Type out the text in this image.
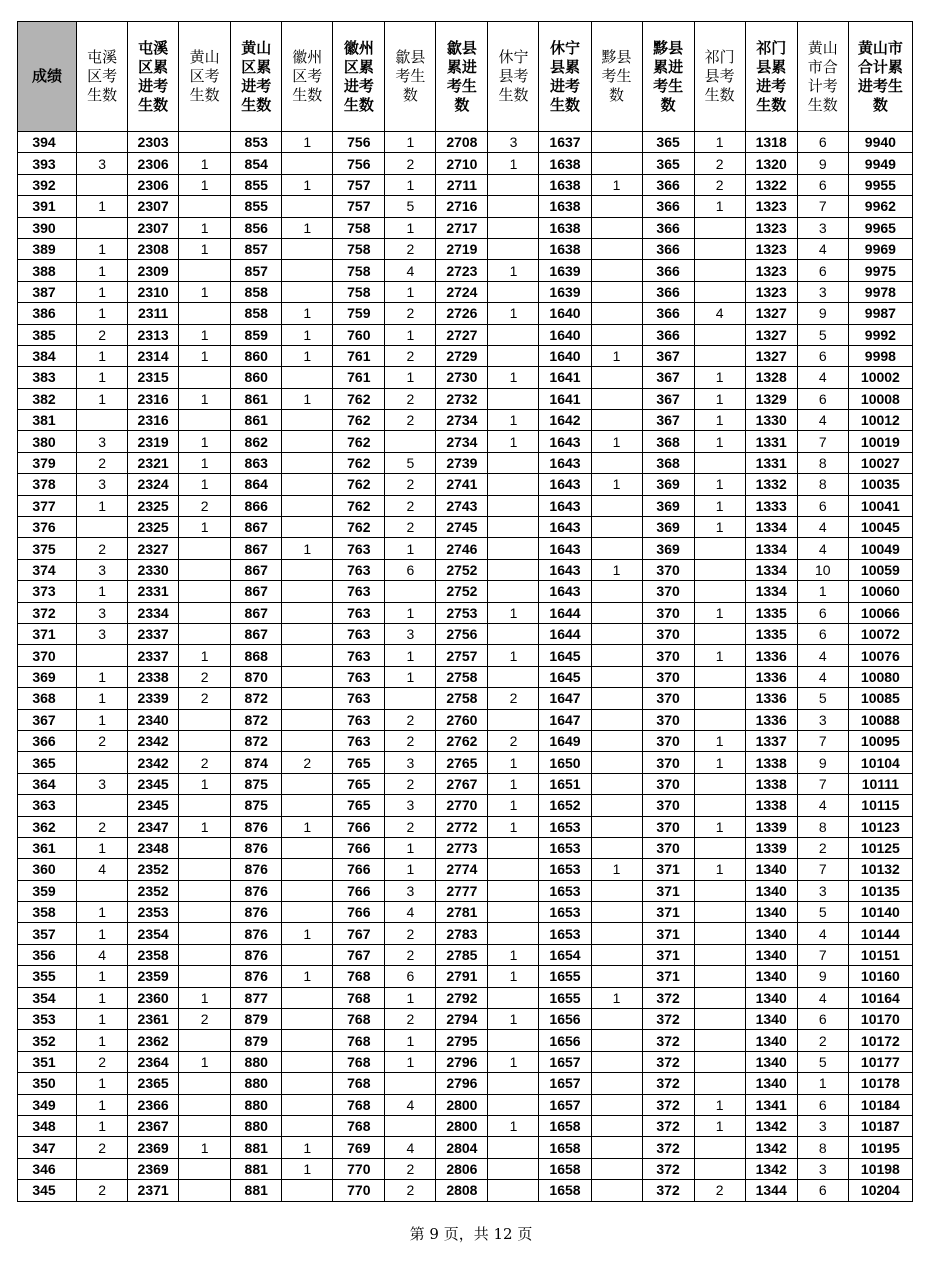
成绩	屯溪
区考
生数	屯溪
区累
进考
生数	黄山
区考
生数	黄山
区累
进考
生数	徽州
区考
生数	徽州
区累
进考
生数	歙县
考生
数	歙县
累进
考生
数	休宁
县考
生数	休宁
县累
进考
生数	黟县
考生
数	黟县
累进
考生
数	祁门
县考
生数	祁门
县累
进考
生数	黄山
市合
计考
生数	黄山市
合计累
进考生
数

394		2303		853	1	756	1	2708	3	1637		365	1	1318	6	9940
393	3	2306	1	854		756	2	2710	1	1638		365	2	1320	9	9949
392		2306	1	855	1	757	1	2711		1638	1	366	2	1322	6	9955
391	1	2307		855		757	5	2716		1638		366	1	1323	7	9962
390		2307	1	856	1	758	1	2717		1638		366		1323	3	9965
389	1	2308	1	857		758	2	2719		1638		366		1323	4	9969
388	1	2309		857		758	4	2723	1	1639		366		1323	6	9975
387	1	2310	1	858		758	1	2724		1639		366		1323	3	9978
386	1	2311		858	1	759	2	2726	1	1640		366	4	1327	9	9987
385	2	2313	1	859	1	760	1	2727		1640		366		1327	5	9992
384	1	2314	1	860	1	761	2	2729		1640	1	367		1327	6	9998
383	1	2315		860		761	1	2730	1	1641		367	1	1328	4	10002
382	1	2316	1	861	1	762	2	2732		1641		367	1	1329	6	10008
381		2316		861		762	2	2734	1	1642		367	1	1330	4	10012
380	3	2319	1	862		762		2734	1	1643	1	368	1	1331	7	10019
379	2	2321	1	863		762	5	2739		1643		368		1331	8	10027
378	3	2324	1	864		762	2	2741		1643	1	369	1	1332	8	10035
377	1	2325	2	866		762	2	2743		1643		369	1	1333	6	10041
376		2325	1	867		762	2	2745		1643		369	1	1334	4	10045
375	2	2327		867	1	763	1	2746		1643		369		1334	4	10049
374	3	2330		867		763	6	2752		1643	1	370		1334	10	10059
373	1	2331		867		763		2752		1643		370		1334	1	10060
372	3	2334		867		763	1	2753	1	1644		370	1	1335	6	10066
371	3	2337		867		763	3	2756		1644		370		1335	6	10072
370		2337	1	868		763	1	2757	1	1645		370	1	1336	4	10076
369	1	2338	2	870		763	1	2758		1645		370		1336	4	10080
368	1	2339	2	872		763		2758	2	1647		370		1336	5	10085
367	1	2340		872		763	2	2760		1647		370		1336	3	10088
366	2	2342		872		763	2	2762	2	1649		370	1	1337	7	10095
365		2342	2	874	2	765	3	2765	1	1650		370	1	1338	9	10104
364	3	2345	1	875		765	2	2767	1	1651		370		1338	7	10111
363		2345		875		765	3	2770	1	1652		370		1338	4	10115
362	2	2347	1	876	1	766	2	2772	1	1653		370	1	1339	8	10123
361	1	2348		876		766	1	2773		1653		370		1339	2	10125
360	4	2352		876		766	1	2774		1653	1	371	1	1340	7	10132
359		2352		876		766	3	2777		1653		371		1340	3	10135
358	1	2353		876		766	4	2781		1653		371		1340	5	10140
357	1	2354		876	1	767	2	2783		1653		371		1340	4	10144
356	4	2358		876		767	2	2785	1	1654		371		1340	7	10151
355	1	2359		876	1	768	6	2791	1	1655		371		1340	9	10160
354	1	2360	1	877		768	1	2792		1655	1	372		1340	4	10164
353	1	2361	2	879		768	2	2794	1	1656		372		1340	6	10170
352	1	2362		879		768	1	2795		1656		372		1340	2	10172
351	2	2364	1	880		768	1	2796	1	1657		372		1340	5	10177
350	1	2365		880		768		2796		1657		372		1340	1	10178
349	1	2366		880		768	4	2800		1657		372	1	1341	6	10184
348	1	2367		880		768		2800	1	1658		372	1	1342	3	10187
347	2	2369	1	881	1	769	4	2804		1658		372		1342	8	10195
346		2369		881	1	770	2	2806		1658		372		1342	3	10198
345	2	2371		881		770	2	2808		1658		372	2	1344	6	10204
第 9 页，共 12 页
